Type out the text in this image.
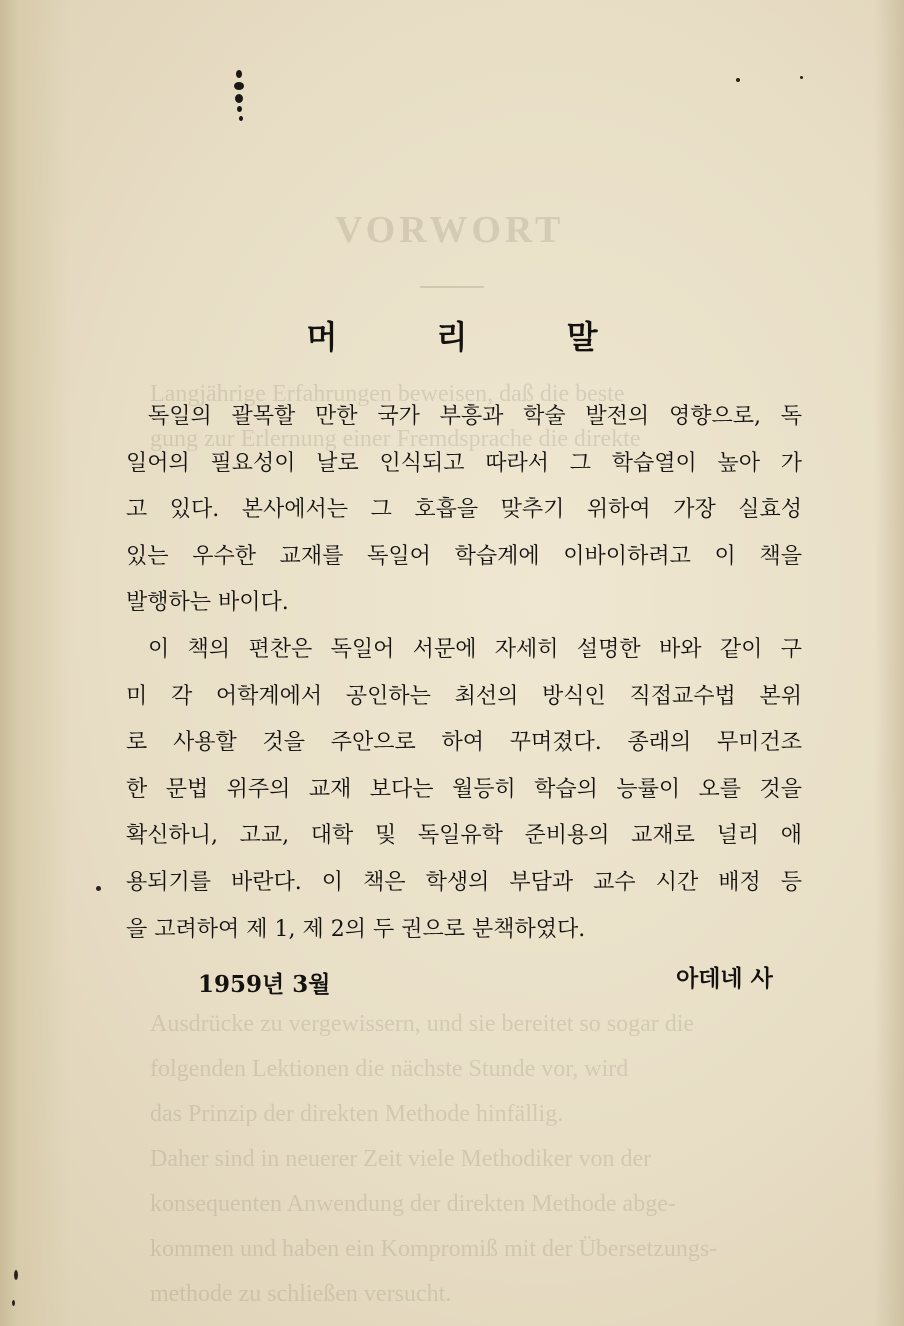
VORWORT
Langjährige Erfahrungen beweisen, daß die beste
gung zur Erlernung einer Fremdsprache die direkte

Ausdrücke zu vergewissern, und sie bereitet so sogar die
folgenden Lektionen die nächste Stunde vor, wird
das Prinzip der direkten Methode hinfällig.
Daher sind in neuerer Zeit viele Methodiker von der
konsequenten Anwendung der direkten Methode abge-
kommen und haben ein Kompromiß mit der Übersetzungs-
methode zu schließen versucht.
머 리 말
독일의 괄목할 만한 국가 부흥과 학술 발전의 영향으로, 독
일어의 필요성이 날로 인식되고 따라서 그 학습열이 높아 가
고 있다. 본사에서는 그 호흡을 맞추기 위하여 가장 실효성
있는 우수한 교재를 독일어 학습계에 이바이하려고 이 책을
발행하는 바이다.
이 책의 편찬은 독일어 서문에 자세히 설명한 바와 같이 구
미 각 어학계에서 공인하는 최선의 방식인 직접교수법 본위
로 사용할 것을 주안으로 하여 꾸며졌다. 종래의 무미건조
한 문법 위주의 교재 보다는 월등히 학습의 능률이 오를 것을
확신하니, 고교, 대학 및 독일유학 준비용의 교재로 널리 애
용되기를 바란다. 이 책은 학생의 부담과 교수 시간 배정 등
을 고려하여 제 1, 제 2의 두 권으로 분책하였다.
1959년 3월	아데네 사
